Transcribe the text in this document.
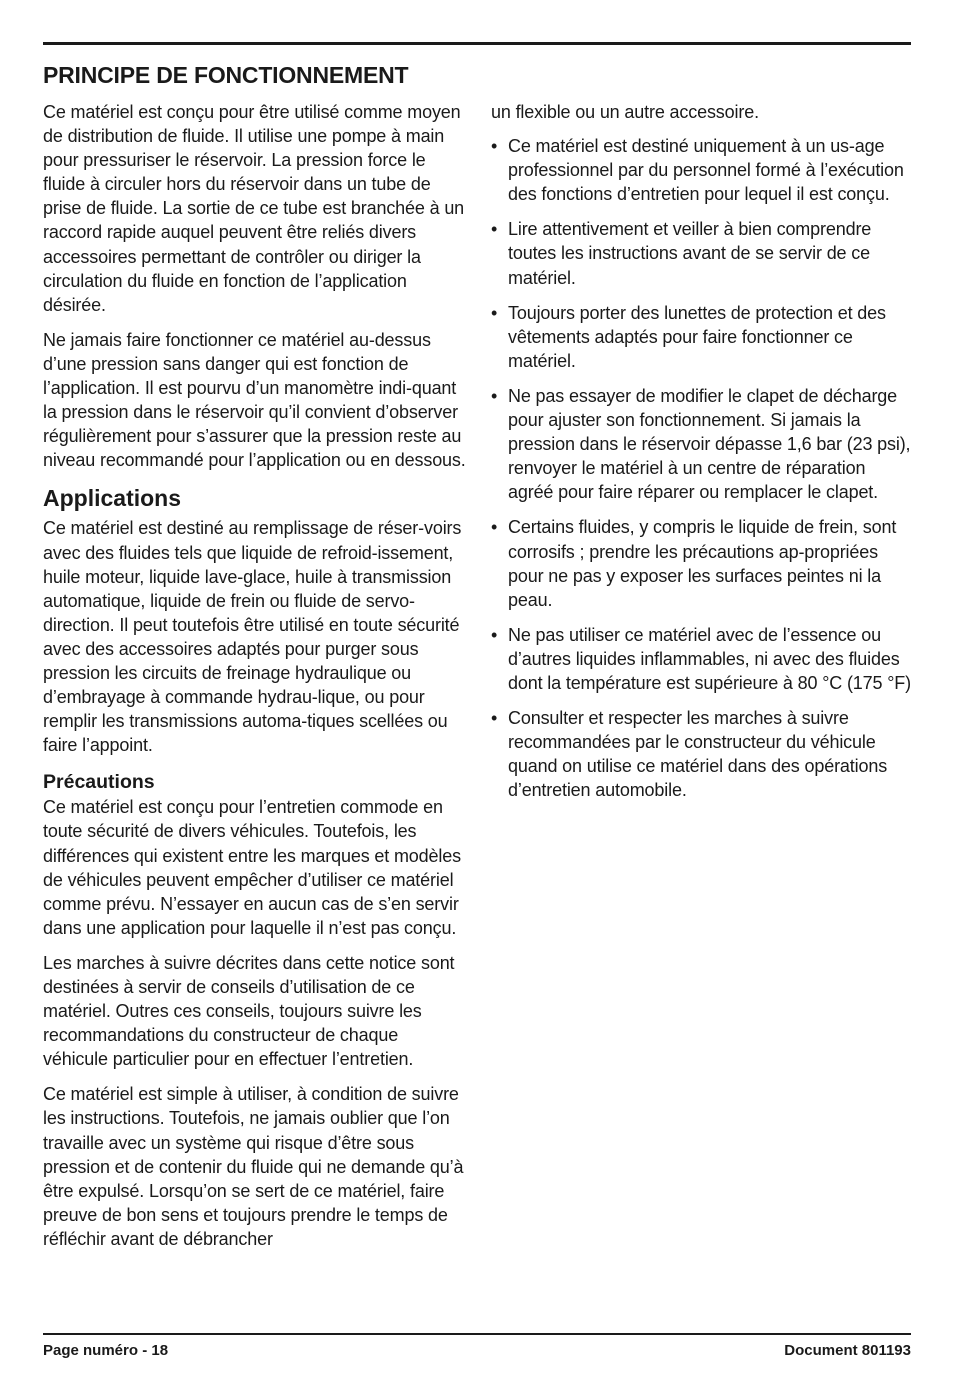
PRINCIPE DE FONCTIONNEMENT

Ce matériel est conçu pour être utilisé comme moyen de distribution de fluide. Il utilise une pompe à main pour pressuriser le réservoir. La pression force le fluide à circuler hors du réservoir dans un tube de prise de fluide. La sortie de ce tube est branchée à un raccord rapide auquel peuvent être reliés divers accessoires permettant de contrôler ou diriger la circulation du fluide en fonction de l’application désirée.

Ne jamais faire fonctionner ce matériel au-dessus d’une pression sans danger qui est fonction de l’application. Il est pourvu d’un manomètre indi-quant la pression dans le réservoir qu’il convient d’observer régulièrement pour s’assurer que la pression reste au niveau recommandé pour l’application ou en dessous.

Applications

Ce matériel est destiné au remplissage de réser-voirs avec des fluides tels que liquide de refroid-issement, huile moteur, liquide lave-glace, huile à transmission automatique, liquide de frein ou fluide de servo-direction. Il peut toutefois être utilisé en toute sécurité avec des accessoires adaptés pour purger sous pression les circuits de freinage hydraulique ou d’embrayage à commande hydrau-lique, ou pour remplir les transmissions automa-tiques scellées ou faire l’appoint.

Précautions

Ce matériel est conçu pour l’entretien commode en toute sécurité de divers véhicules. Toutefois, les différences qui existent entre les marques et modèles de véhicules peuvent empêcher d’utiliser ce matériel comme prévu. N’essayer en aucun cas de s’en servir dans une application pour laquelle il n’est pas conçu.

Les marches à suivre décrites dans cette notice sont destinées à servir de conseils d’utilisation de ce matériel. Outres ces conseils, toujours suivre les recommandations du constructeur de chaque véhicule particulier pour en effectuer l’entretien.

Ce matériel est simple à utiliser, à condition de suivre les instructions. Toutefois, ne jamais oublier que l’on travaille avec un système qui risque d’être sous pression et de contenir du fluide qui ne demande qu’à être expulsé. Lorsqu’on se sert de ce matériel, faire preuve de bon sens et toujours prendre le temps de réfléchir avant de débrancher

un flexible ou un autre accessoire.

• Ce matériel est destiné uniquement à un us-age professionnel par du personnel formé à l’exécution des fonctions d’entretien pour lequel il est conçu.

• Lire attentivement et veiller à bien comprendre toutes les instructions avant de se servir de ce matériel.

• Toujours porter des lunettes de protection et des vêtements adaptés pour faire fonctionner ce matériel.

• Ne pas essayer de modifier le clapet de décharge pour ajuster son fonctionnement. Si jamais la pression dans le réservoir dépasse 1,6 bar (23 psi), renvoyer le matériel à un centre de réparation agréé pour faire réparer ou remplacer le clapet.

• Certains fluides, y compris le liquide de frein, sont corrosifs ; prendre les précautions ap-propriées pour ne pas y exposer les surfaces peintes ni la peau.

• Ne pas utiliser ce matériel avec de l’essence ou d’autres liquides inflammables, ni avec des fluides dont la température est supérieure à 80 °C (175 °F)

• Consulter et respecter les marches à suivre recommandées par le constructeur du véhicule quand on utilise ce matériel dans des opérations d’entretien automobile.

Page numéro - 18	Document 801193
